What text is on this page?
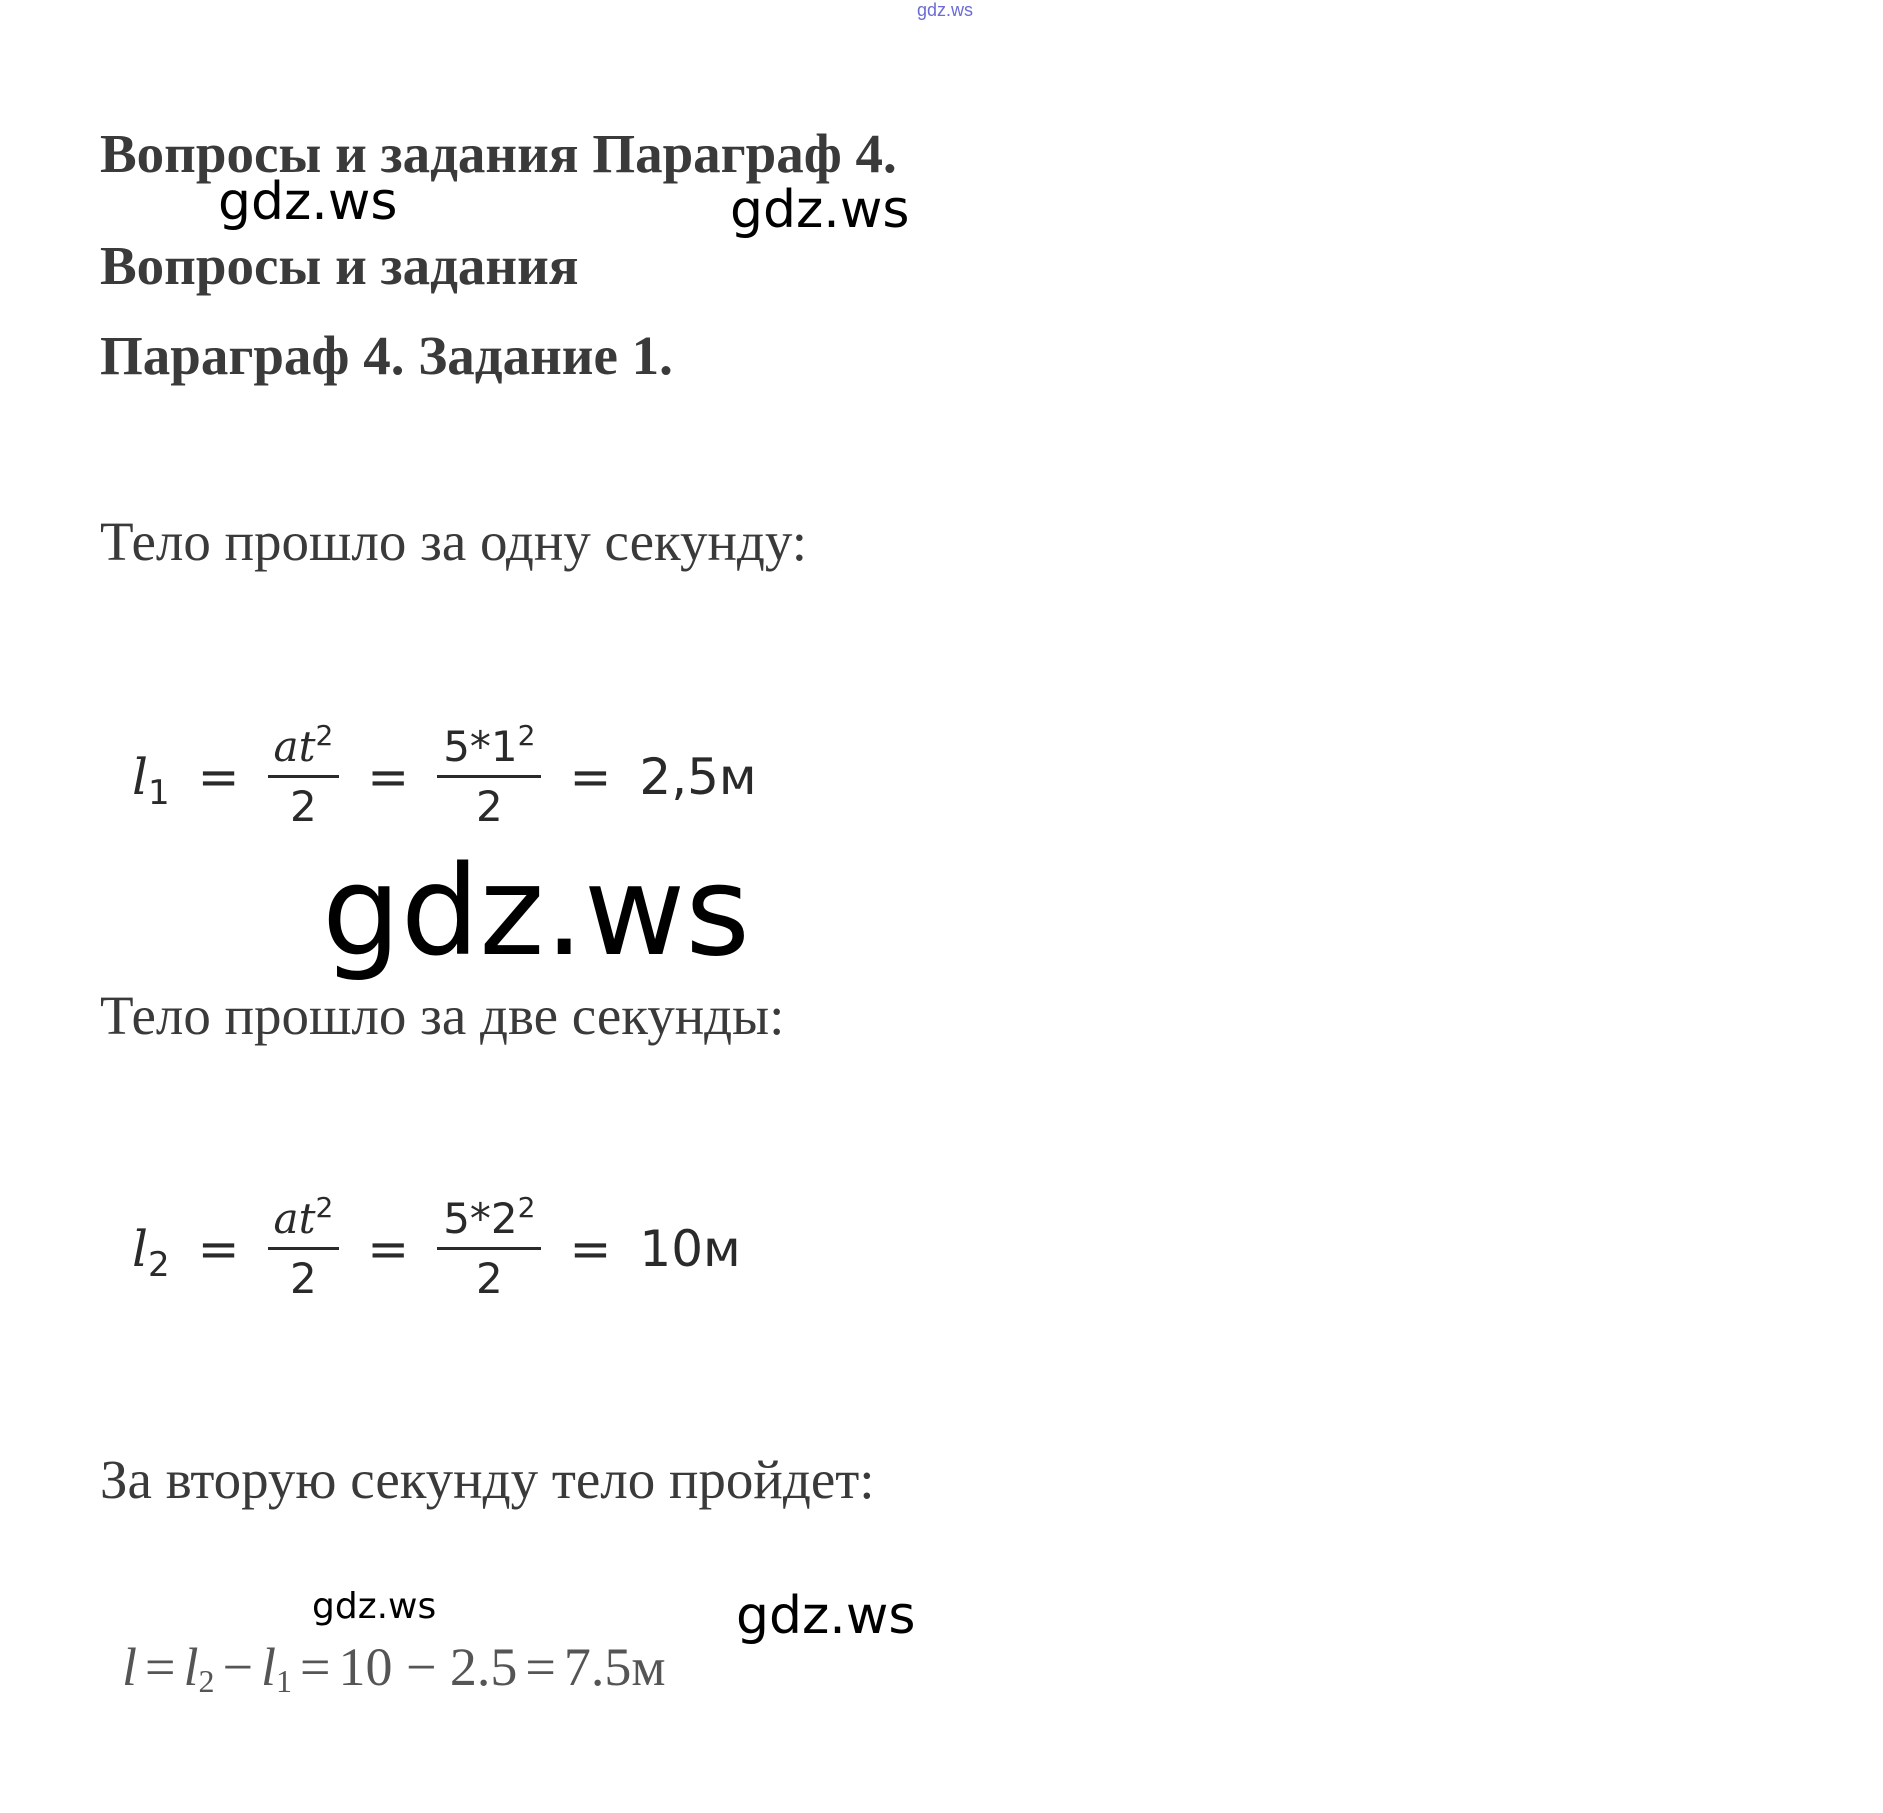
gdz.ws
Вопросы и задания Параграф 4.
gdz.ws	gdz.ws
Вопросы и задания
Параграф 4. Задание 1.
Тело прошло за одну секунду:
l $1 = \frac{at^2}{2} = \frac{5*1^2}{2} = 2,5м$
gdz.ws
Тело прошло за две секунды:
l $2 = \frac{at^2}{2} = \frac{5*2^2}{2} = 10м$
За вторую секунду тело пройдет:
gdz.ws	gdz.ws
l = l 2 − l 1 = 10 − 2.5 = 7.5м
